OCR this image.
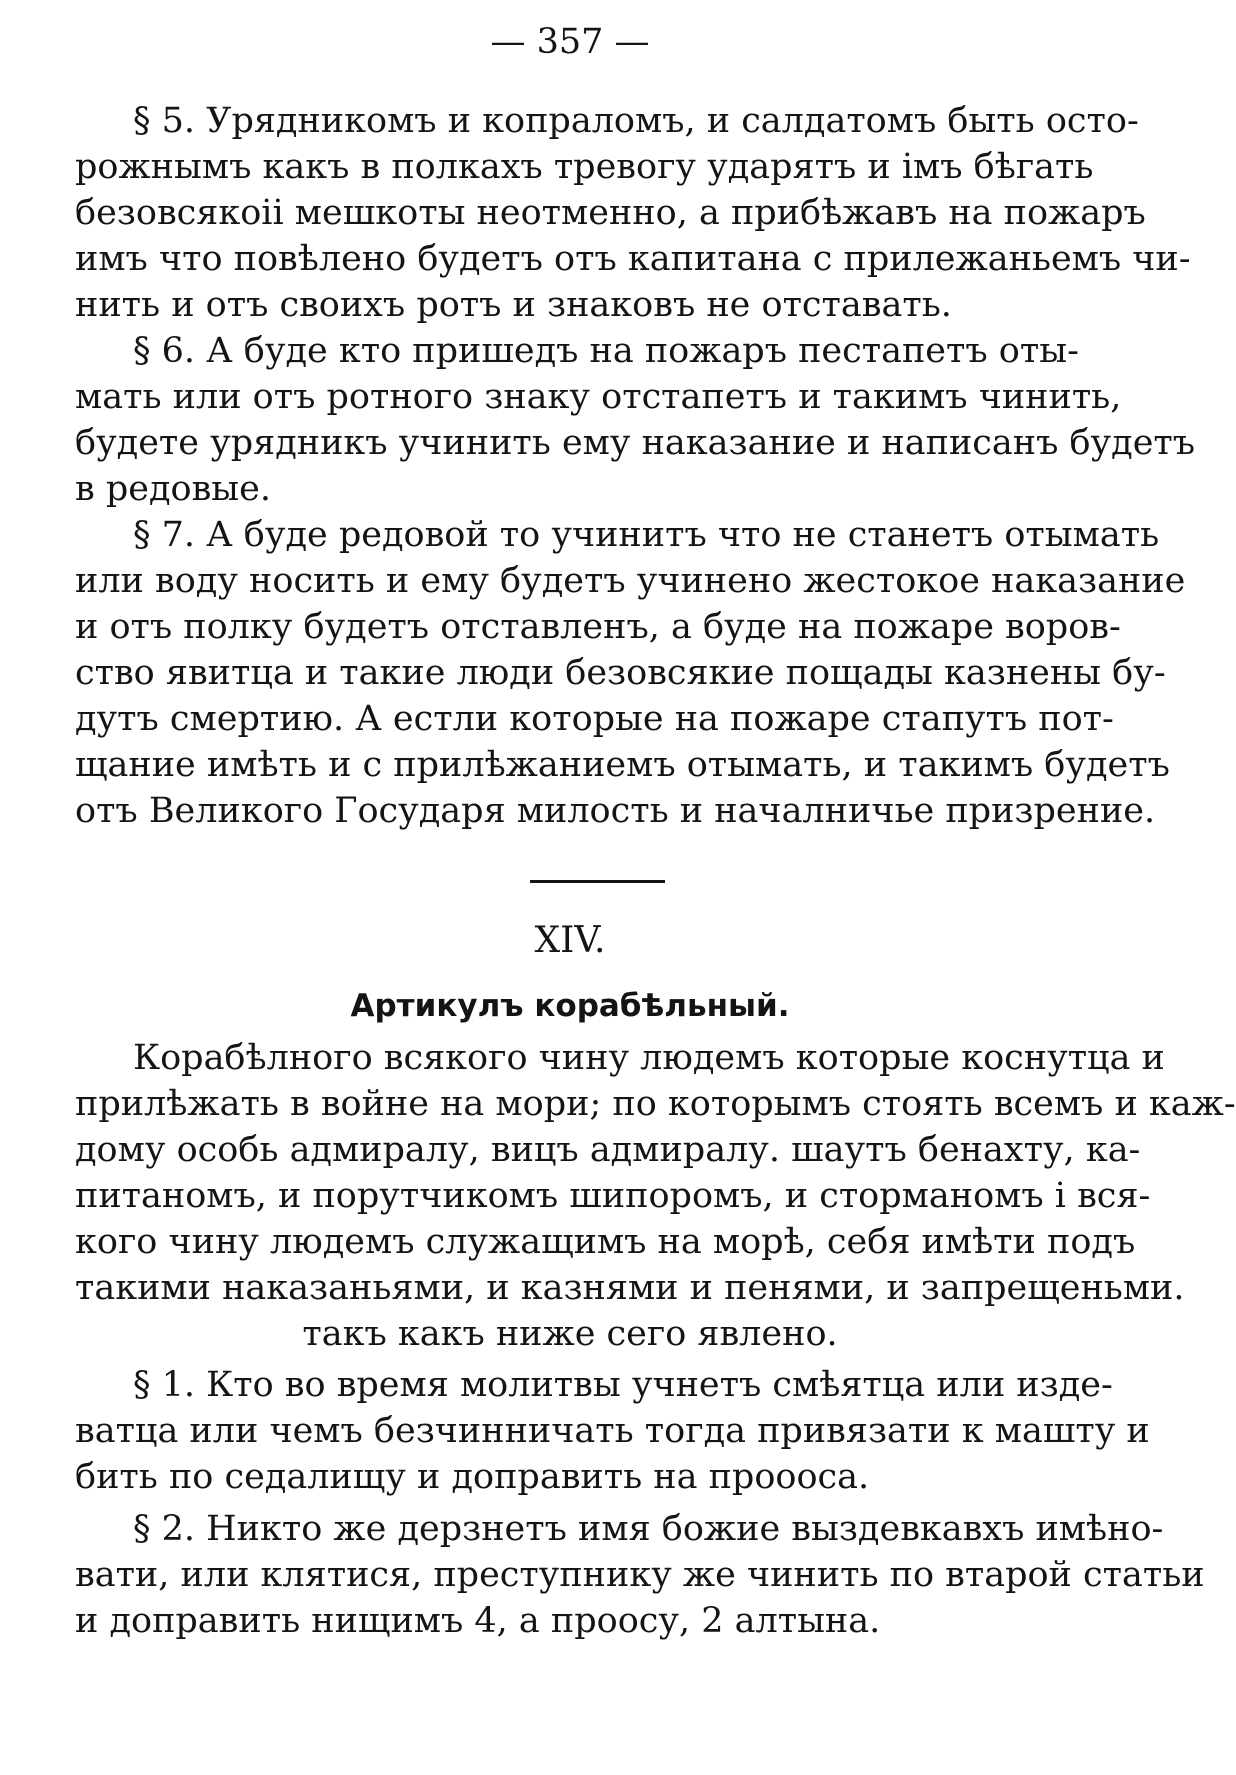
— 357 —
§ 5. Урядникомъ и копраломъ, и салдатомъ быть осто-
рожнымъ какъ в полкахъ тревогу ударятъ и імъ бѣгать
безовсякоіі мешкоты неотменно, а прибѣжавъ на пожаръ
имъ что повѣлено будетъ отъ капитана с прилежаньемъ чи-
нить и отъ своихъ ротъ и знаковъ не отставать.
§ 6. А буде кто пришедъ на пожаръ пестапетъ оты-
мать или отъ ротного знаку отстапетъ и такимъ чинить,
будете урядникъ учинить ему наказание и написанъ будетъ
в редовые.
§ 7. А буде редовой то учинитъ что не станетъ отымать
или воду носить и ему будетъ учинено жестокое наказание
и отъ полку будетъ отставленъ, а буде на пожаре воров-
ство явитца и такие люди безовсякие пощады казнены бу-
дутъ смертию. А естли которые на пожаре стапутъ пот-
щание имѣть и с прилѣжаниемъ отымать, и такимъ будетъ
отъ Великого Государя милость и началничье призрение.
XIV.
Артикулъ корабѣльный.
Корабѣлного всякого чину людемъ которые коснутца и
прилѣжать в войне на мори; по которымъ стоять всемъ и каж-
дому особь адмиралу, вицъ адмиралу. шаутъ бенахту, ка-
питаномъ, и порутчикомъ шипоромъ, и сторманомъ і вся-
кого чину людемъ служащимъ на морѣ, себя имѣти подъ
такими наказаньями, и казнями и пенями, и запрещеньми.
такъ какъ ниже сего явлено.
§ 1. Кто во время молитвы учнетъ смѣятца или изде-
ватца или чемъ безчинничать тогда привязати к машту и
бить по седалищу и доправить на проооса.
§ 2. Никто же дерзнетъ имя божие выздевкавхъ имѣно-
вати, или клятися, преступнику же чинить по втарой статьи
и доправить нищимъ 4, а проосу, 2 алтына.
